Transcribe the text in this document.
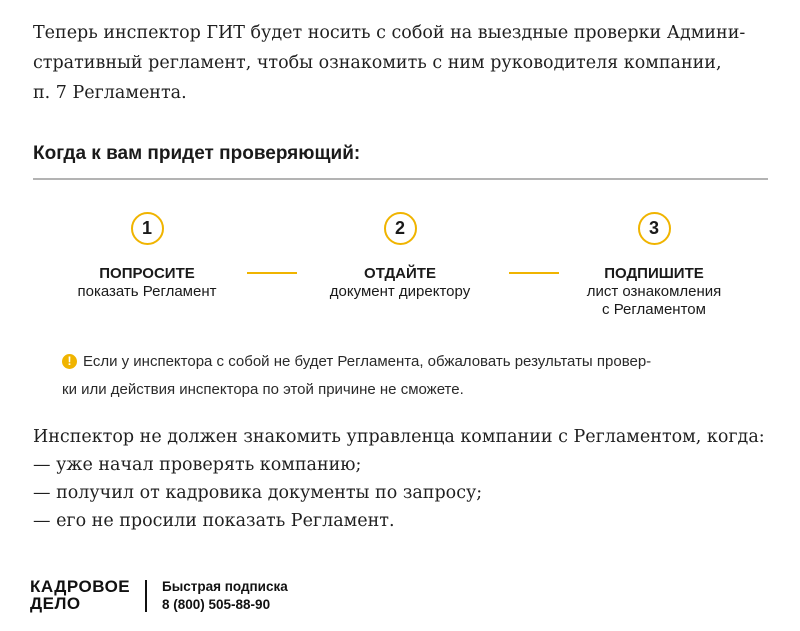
Теперь инспектор ГИТ будет носить с собой на выездные проверки Админи-
стративный регламент, чтобы ознакомить с ним руководителя компании,
п. 7 Регламента.

Когда к вам придет проверяющий:
1
ПОПРОСИТЕ
показать Регламент
2
ОТДАЙТЕ
документ директору
3
ПОДПИШИТЕ
лист ознакомления
с Регламентом
! Если у инспектора с собой не будет Регламента, обжаловать результаты провер-
ки или действия инспектора по этой причине не сможете.

Инспектор не должен знакомить управленца компании с Регламентом, когда:
— уже начал проверять компанию;
— получил от кадровика документы по запросу;
— его не просили показать Регламент.

КАДРОВОЕ
ДЕЛО
Быстрая подписка
8 (800) 505-88-90
